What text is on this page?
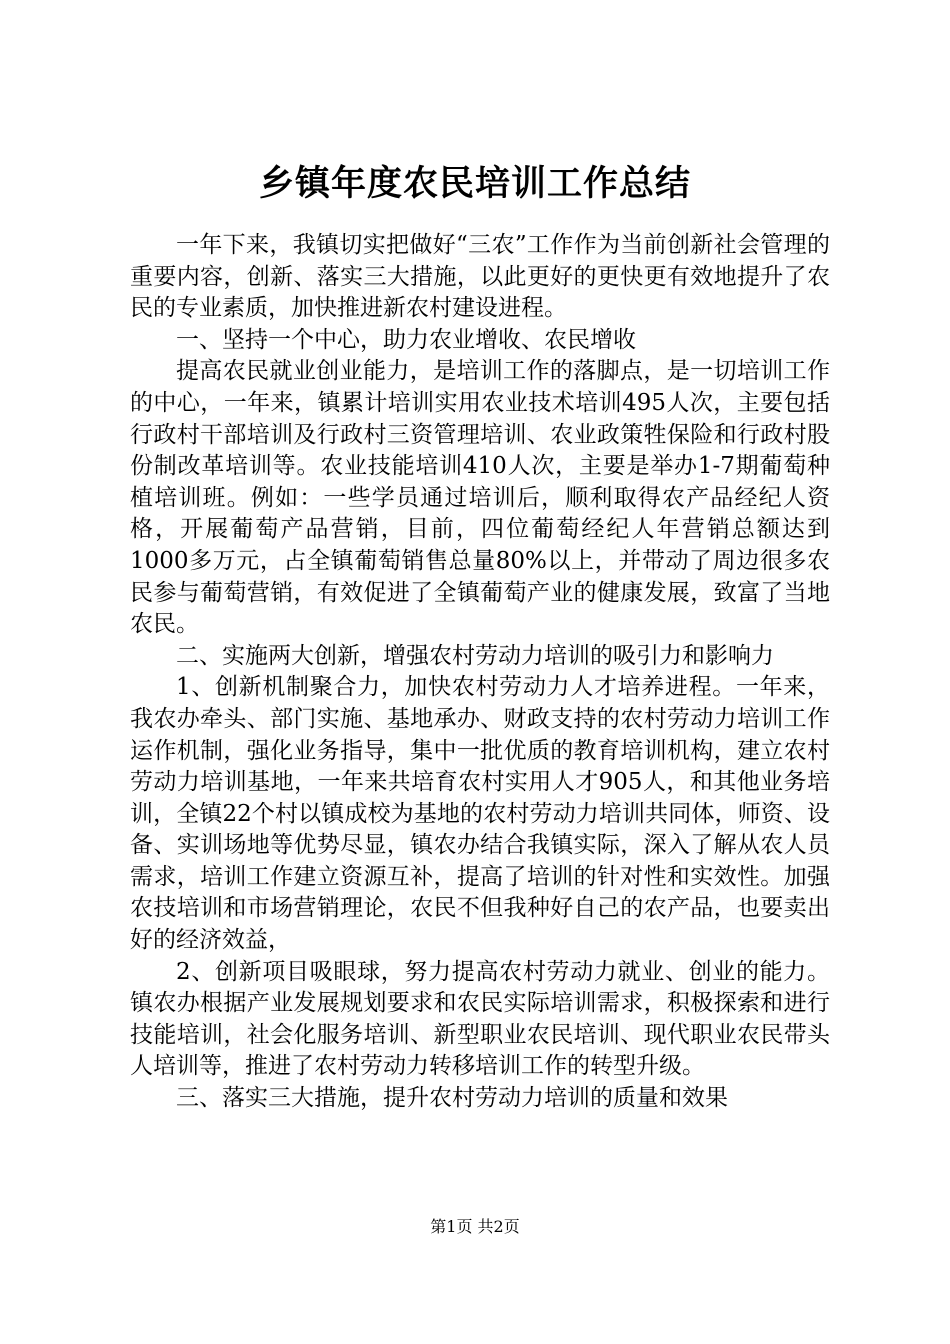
乡镇年度农民培训工作总结

一年下来，我镇切实把做好“三农”工作作为当前创新社会管理的重要内容，创新、落实三大措施，以此更好的更快更有效地提升了农民的专业素质，加快推进新农村建设进程。

一、坚持一个中心，助力农业增收、农民增收

提高农民就业创业能力，是培训工作的落脚点，是一切培训工作的中心，一年来，镇累计培训实用农业技术培训495人次，主要包括行政村干部培训及行政村三资管理培训、农业政策牲保险和行政村股份制改革培训等。农业技能培训410人次，主要是举办1-7期葡萄种植培训班。例如：一些学员通过培训后，顺利取得农产品经纪人资格，开展葡萄产品营销，目前，四位葡萄经纪人年营销总额达到1000多万元，占全镇葡萄销售总量80%以上，并带动了周边很多农民参与葡萄营销，有效促进了全镇葡萄产业的健康发展，致富了当地农民。

二、实施两大创新，增强农村劳动力培训的吸引力和影响力

1、创新机制聚合力，加快农村劳动力人才培养进程。一年来，我农办牵头、部门实施、基地承办、财政支持的农村劳动力培训工作运作机制，强化业务指导，集中一批优质的教育培训机构，建立农村劳动力培训基地，一年来共培育农村实用人才905人，和其他业务培训，全镇22个村以镇成校为基地的农村劳动力培训共同体，师资、设备、实训场地等优势尽显，镇农办结合我镇实际，深入了解从农人员需求，培训工作建立资源互补，提高了培训的针对性和实效性。加强农技培训和市场营销理论，农民不但我种好自己的农产品，也要卖出好的经济效益，

2、创新项目吸眼球，努力提高农村劳动力就业、创业的能力。镇农办根据产业发展规划要求和农民实际培训需求，积极探索和进行技能培训，社会化服务培训、新型职业农民培训、现代职业农民带头人培训等，推进了农村劳动力转移培训工作的转型升级。

三、落实三大措施，提升农村劳动力培训的质量和效果

第1页 共2页
